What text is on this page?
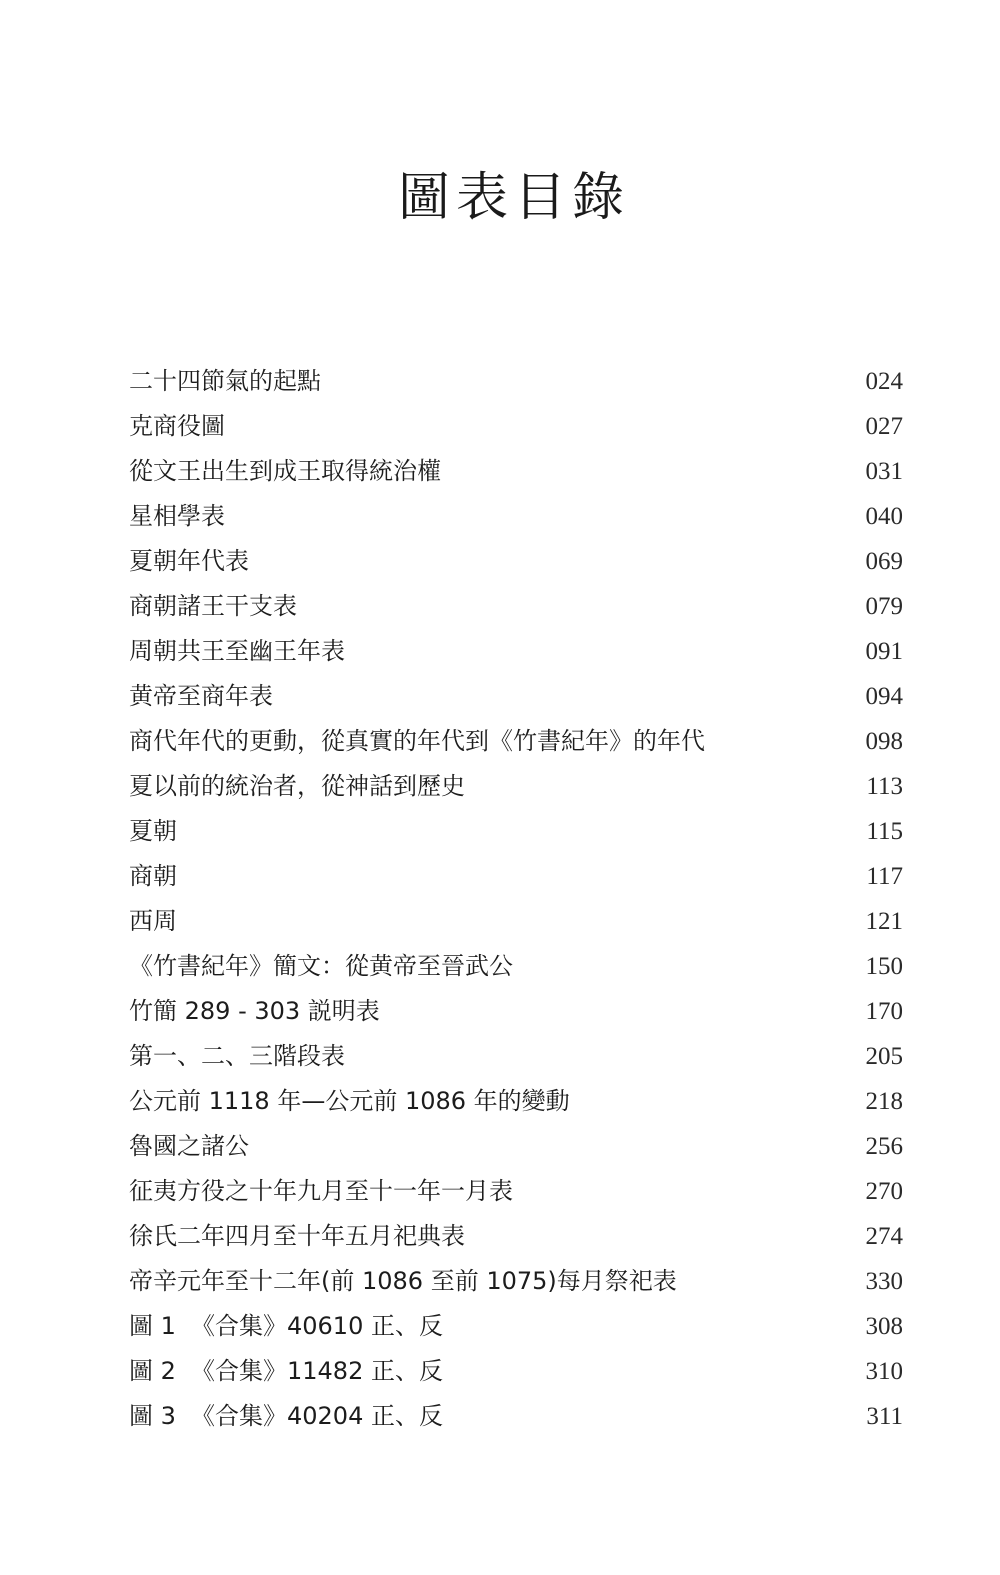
圖表目錄
二十四節氣的起點	024
克商役圖	027
從文王出生到成王取得統治權	031
星相學表	040
夏朝年代表	069
商朝諸王干支表	079
周朝共王至幽王年表	091
黄帝至商年表	094
商代年代的更動，從真實的年代到《竹書紀年》的年代	098
夏以前的統治者，從神話到歷史	113
夏朝	115
商朝	117
西周	121
《竹書紀年》簡文：從黄帝至晉武公	150
竹簡 289 - 303 説明表	170
第一、二、三階段表	205
公元前 1118 年—公元前 1086 年的變動	218
魯國之諸公	256
征夷方役之十年九月至十一年一月表	270
徐氏二年四月至十年五月祀典表	274
帝辛元年至十二年(前 1086 至前 1075)每月祭祀表	330
圖 1 《合集》40610 正、反	308
圖 2 《合集》11482 正、反	310
圖 3 《合集》40204 正、反	311
